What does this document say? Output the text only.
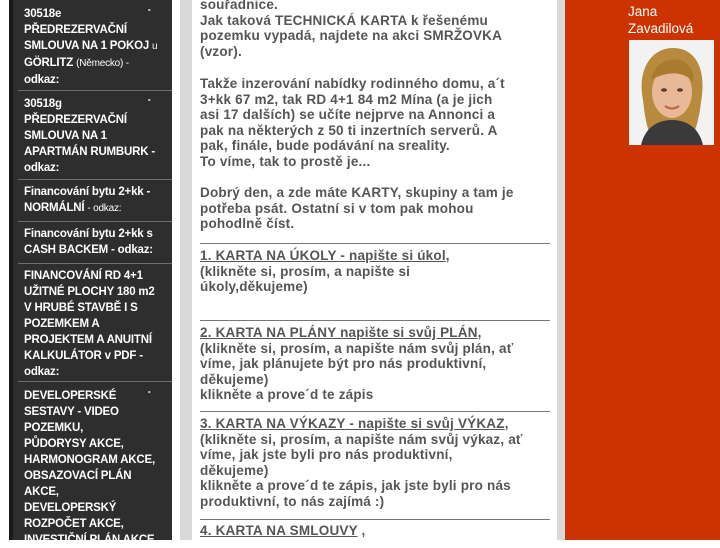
30518e
PŘEDREZERVAČNÍ
SMLOUVA NA 1 POKOJ u
GÖRLITZ (Německo) -
odkaz:
˚
30518g
PŘEDREZERVAČNÍ
SMLOUVA NA 1
APARTMÁN RUMBURK -
odkaz:
˚
Financování bytu 2+kk -
NORMÁLNÍ - odkaz:
Financování bytu 2+kk s
CASH BACKEM - odkaz:
FINANCOVÁNÍ RD 4+1
UŽITNÉ PLOCHY 180 m2
V HRUBÉ STAVBĚ I S
POZEMKEM A
PROJEKTEM A ANUITNÍ
KALKULÁTOR v PDF -
odkaz:
DEVELOPERSKÉ
SESTAVY - VIDEO
POZEMKU,
PŮDORYSY AKCE,
HARMONOGRAM AKCE,
OBSAZOVACÍ PLÁN
AKCE,
DEVELOPERSKÝ
ROZPOČET AKCE,
INVESTIČNÍ PLÁN AKCE
˚
souřadnice.
Jak taková TECHNICKÁ KARTA k řešenému
pozemku vypadá, najdete na akci SMRŽOVKA
(vzor).
Takže inzerování nabídky rodinného domu, a´t
3+kk 67 m2, tak RD 4+1 84 m2 Mína (a je jich
asi 17 dalších) se učíte nejprve na Annonci a
pak na některých z 50 ti inzertních serverů. A
pak, finále, bude podávání na sreality.
To víme, tak to prostě je...
Dobrý den, a zde máte KARTY, skupiny a tam je
potřeba psát. Ostatní si v tom pak mohou
pohodlně číst.
1. KARTA NA ÚKOLY - napište si úkol,
(klikněte si, prosím, a napište si
úkoly,děkujeme)
2. KARTA NA PLÁNY napište si svůj PLÁN,
(klikněte si, prosím, a napište nám svůj plán, ať
víme, jak plánujete být pro nás produktivní,
děkujeme)
klikněte a prove´d te zápis
3. KARTA NA VÝKAZY - napište si svůj VÝKAZ,
(klikněte si, prosím, a napište nám svůj výkaz, ať
víme, jak jste byli pro nás produktivní,
děkujeme)
klikněte a prove´d te zápis, jak jste byli pro nás
produktivní, to nás zajímá :)
4. KARTA NA SMLOUVY ,
Jana
Zavadilová
